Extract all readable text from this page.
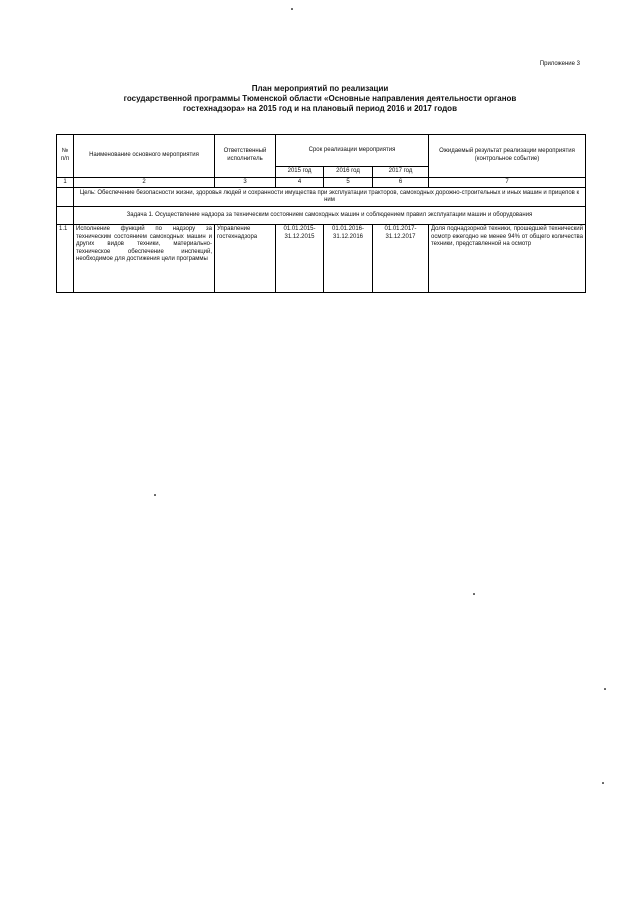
Приложение 3
План мероприятий по реализации
государственной программы Тюменской области «Основные направления деятельности органов
гостехнадзора» на 2015 год и на плановый период 2016 и 2017 годов
№ п/п	Наименование основного мероприятия	Ответственный исполнитель	Срок реализации мероприятия			Ожидаемый результат реализации мероприятия (контрольное событие)
			2015 год	2016 год	2017 год	
1	2	3	4	5	6	7
	Цель: Обеспечение безопасности жизни, здоровья людей и сохранности имущества при эксплуатации тракторов, самоходных дорожно-строительных и иных машин и прицепов к ним					
	Задача 1. Осуществление надзора за техническим состоянием самоходных машин и соблюдением правил эксплуатации машин и оборудования					
1.1	Исполнение функций по надзору за техническим состоянием самоходных машин и других видов техники, материально-техническое обеспечение инспекций, необходимое для достижения цели программы	Управление гостехнадзора	01.01.2015-31.12.2015	01.01.2016-31.12.2016	01.01.2017-31.12.2017	Доля поднадзорной техники, прошедшей технический осмотр ежегодно не менее 94% от общего количества техники, представленной на осмотр
